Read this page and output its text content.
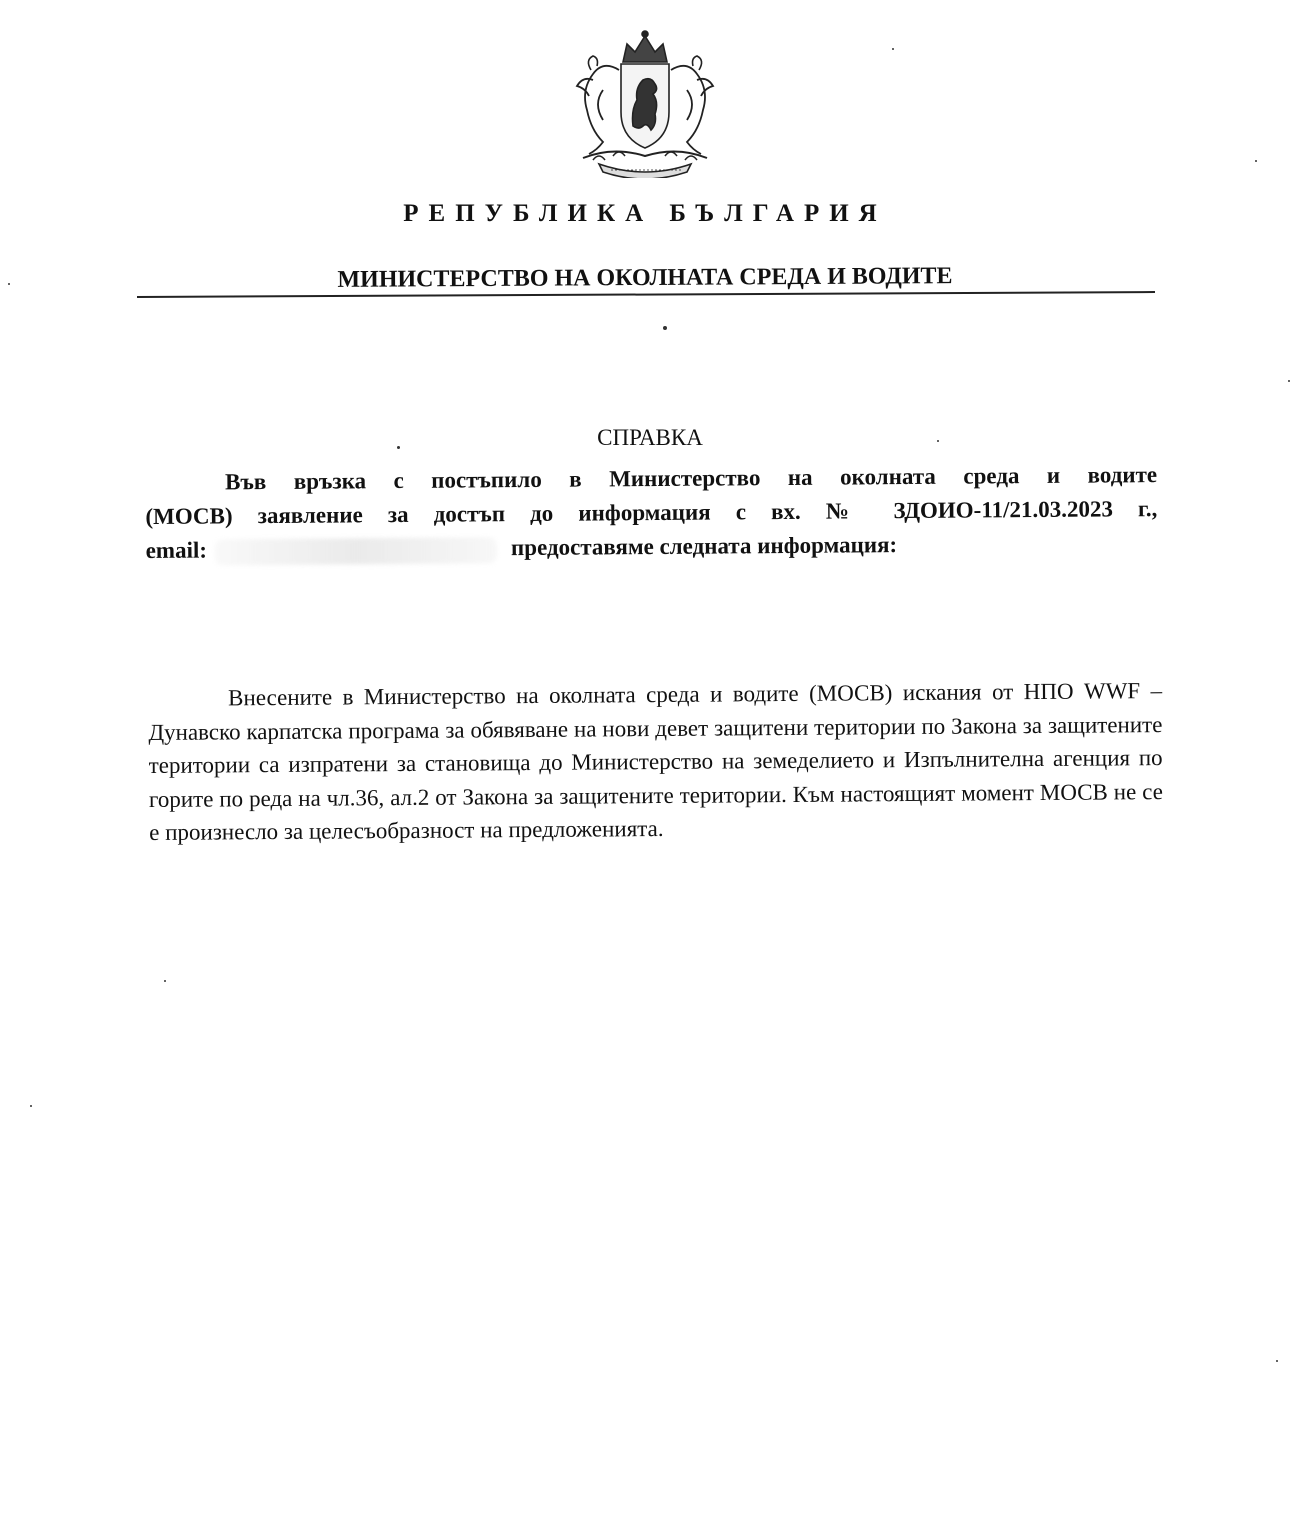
РЕПУБЛИКА БЪЛГАРИЯ
МИНИСТЕРСТВО НА ОКОЛНАТА СРЕДА И ВОДИТЕ
СПРАВКА

Във връзка с постъпило в Министерство на околната среда и водите

(МОСВ) заявление за достъп до информация с вх. № ЗДОИО-11/21.03.2023 г.,

email:	предоставяме следната информация:

Внесените в Министерство на околната среда и водите (МОСВ) искания от НПО WWF – Дунавско карпатска програма за обявяване на нови девет защитени територии по Закона за защитените територии са изпратени за становища до Министерство на земеделието и Изпълнителна агенция по горите по реда на чл.36, ал.2 от Закона за защитените територии. Към настоящият момент МОСВ не се е произнесло за целесъобразност на предложенията.
